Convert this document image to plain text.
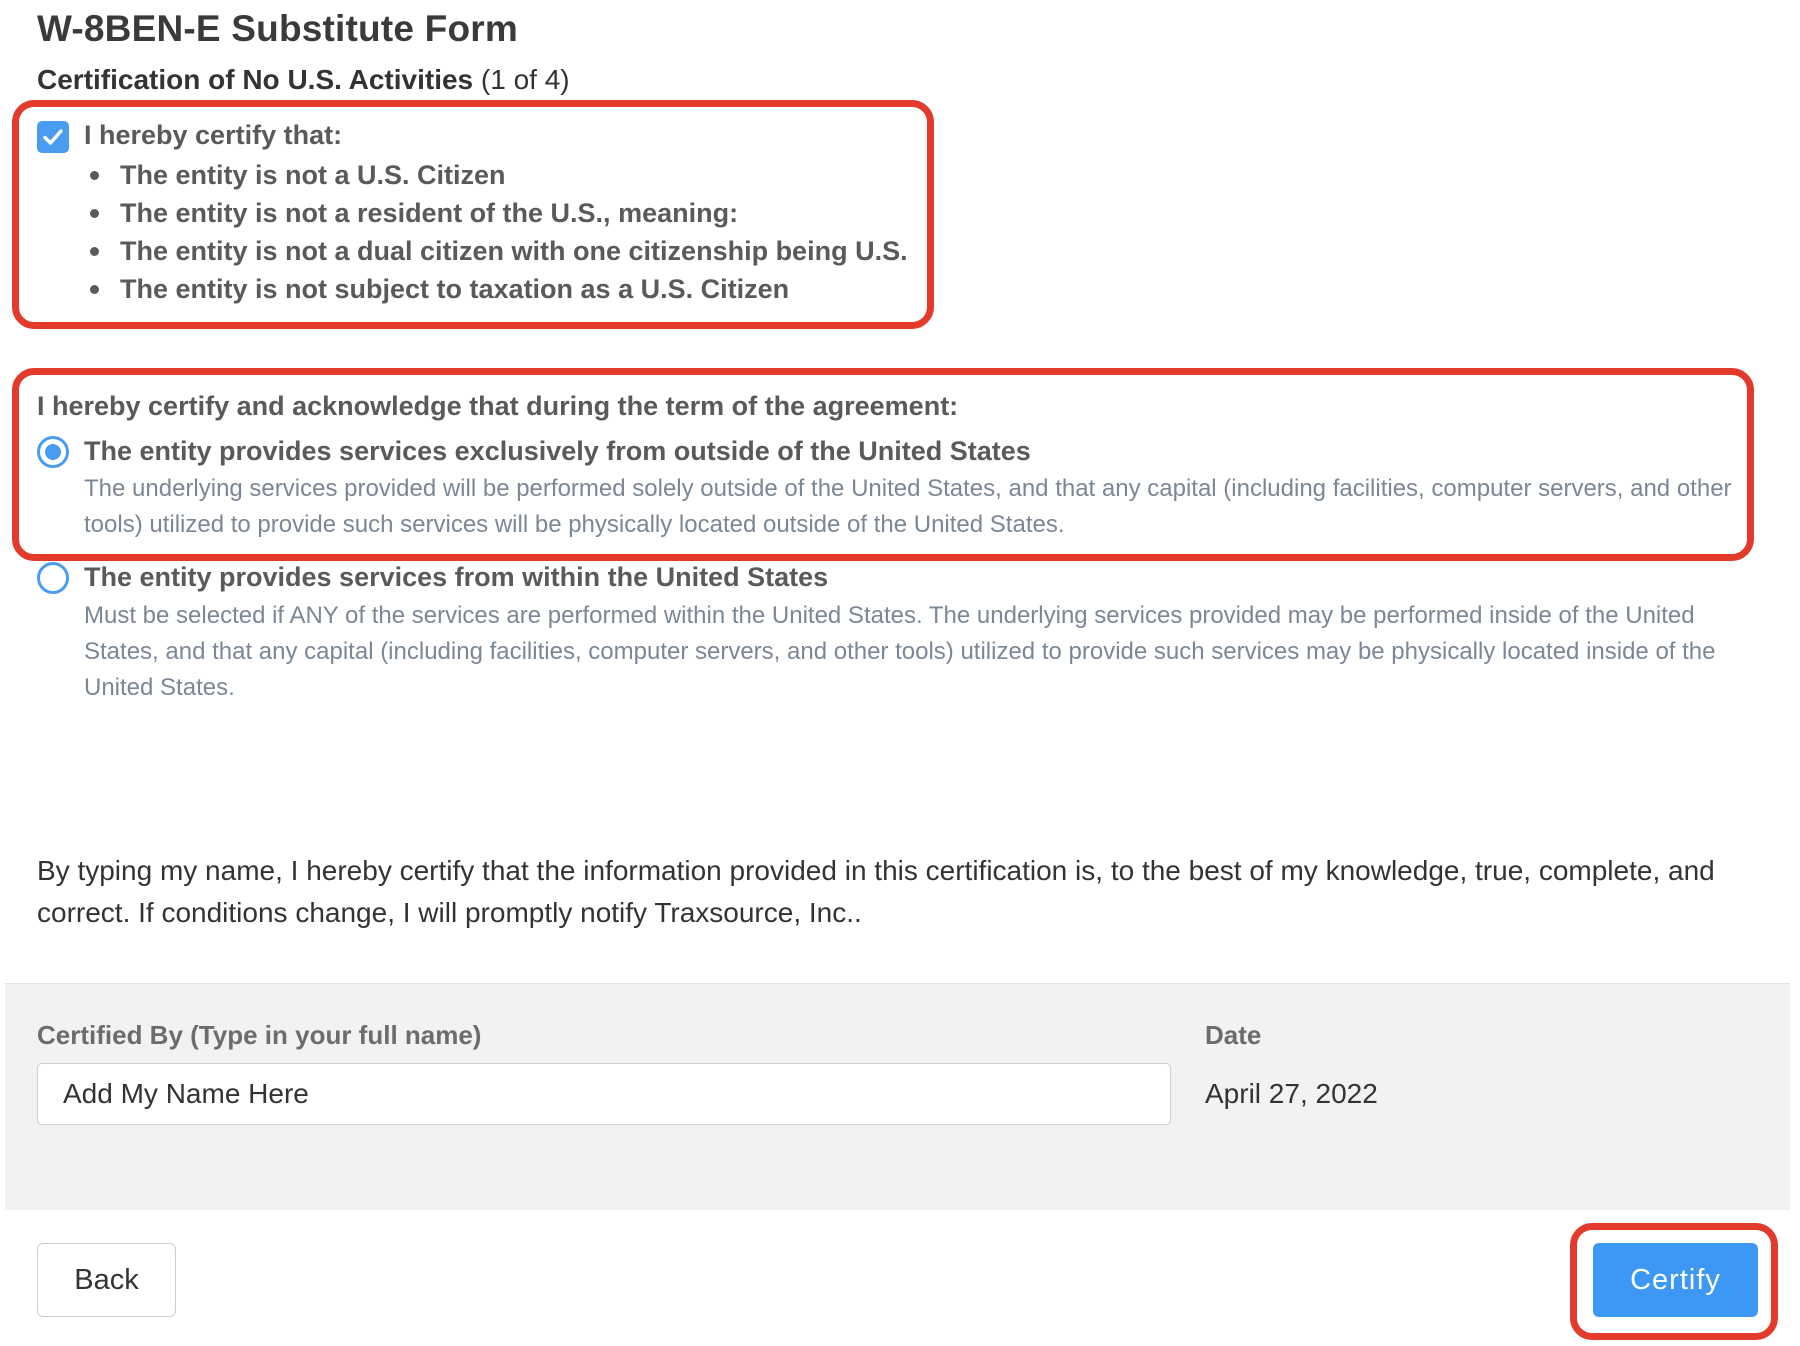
W-8BEN-E Substitute Form
Certification of No U.S. Activities (1 of 4)
I hereby certify that:
The entity is not a U.S. Citizen
The entity is not a resident of the U.S., meaning:
The entity is not a dual citizen with one citizenship being U.S.
The entity is not subject to taxation as a U.S. Citizen
I hereby certify and acknowledge that during the term of the agreement:
The entity provides services exclusively from outside of the United States
The underlying services provided will be performed solely outside of the United States, and that any capital (including facilities, computer servers, and other tools) utilized to provide such services will be physically located outside of the United States.
The entity provides services from within the United States
Must be selected if ANY of the services are performed within the United States. The underlying services provided may be performed inside of the United States, and that any capital (including facilities, computer servers, and other tools) utilized to provide such services may be physically located inside of the United States.
By typing my name, I hereby certify that the information provided in this certification is, to the best of my knowledge, true, complete, and correct. If conditions change, I will promptly notify Traxsource, Inc..
Certified By (Type in your full name)
Add My Name Here	Date
April 27, 2022
Back	Certify
